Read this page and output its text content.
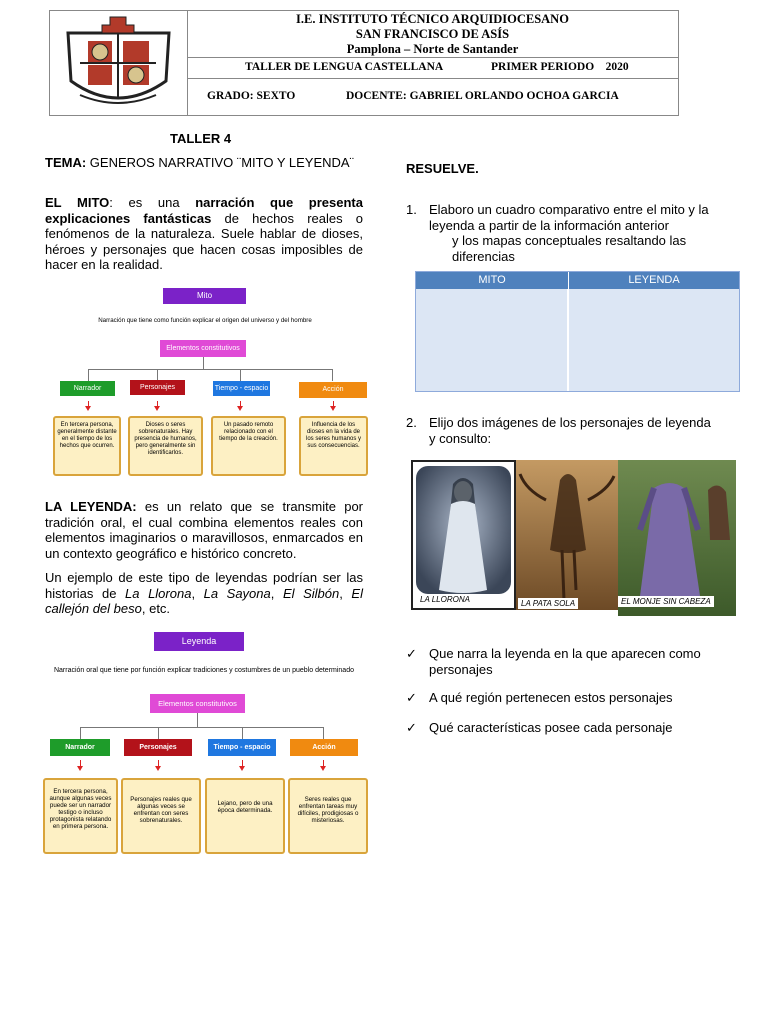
I.E. INSTITUTO TÉCNICO ARQUIDIOCESANO
SAN FRANCISCO DE ASÍS
Pamplona – Norte de Santander
TALLER DE LENGUA CASTELLANA	PRIMER PERIODO    2020
GRADO: SEXTO	DOCENTE: GABRIEL ORLANDO OCHOA GARCIA
TALLER 4
TEMA: GENEROS NARRATIVO ¨MITO Y LEYENDA¨
EL MITO: es una narración que presenta explicaciones fantásticas de hechos reales o fenómenos de la naturaleza. Suele hablar de dioses, héroes y personajes que hacen cosas imposibles de hacer en la realidad.
Mito
Narración que tiene como función explicar el origen del universo y del hombre
Elementos constitutivos
Narrador	Personajes	Tiempo - espacio	Acción
En tercera persona, generalmente distante en el tiempo de los hechos que ocurren.
Dioses o seres sobrenaturales. Hay presencia de humanos, pero generalmente sin identificarlos.
Un pasado remoto relacionado con el tiempo de la creación.
Influencia de los dioses en la vida de los seres humanos y sus consecuencias.
LA LEYENDA: es un relato que se transmite por tradición oral, el cual combina elementos reales con elementos imaginarios o maravillosos, enmarcados en un contexto geográfico e histórico concreto.
Un ejemplo de este tipo de leyendas podrían ser las historias de La Llorona, La Sayona, El Silbón, El callejón del beso, etc.
Leyenda
Narración oral que tiene por función explicar tradiciones y costumbres de un pueblo determinado
Elementos constitutivos
Narrador	Personajes	Tiempo - espacio	Acción
En tercera persona, aunque algunas veces puede ser un narrador testigo o incluso protagonista relatando en primera persona.
Personajes reales que algunas veces se enfrentan con seres sobrenaturales.
Lejano, pero de una época determinada.
Seres reales que enfrentan tareas muy difíciles, prodigiosas o misteriosas.
RESUELVE.
1. Elaboro un cuadro comparativo entre el mito y la leyenda a partir de la información anterior
y los mapas conceptuales resaltando las diferencias
MITO	LEYENDA
2. Elijo dos imágenes de los personajes de leyenda y consulto:
LA LLORONA	LA PATA SOLA	EL MONJE SIN CABEZA
✓ Que narra la leyenda en la que aparecen como personajes
✓ A qué región pertenecen estos personajes
✓ Qué características posee cada personaje
